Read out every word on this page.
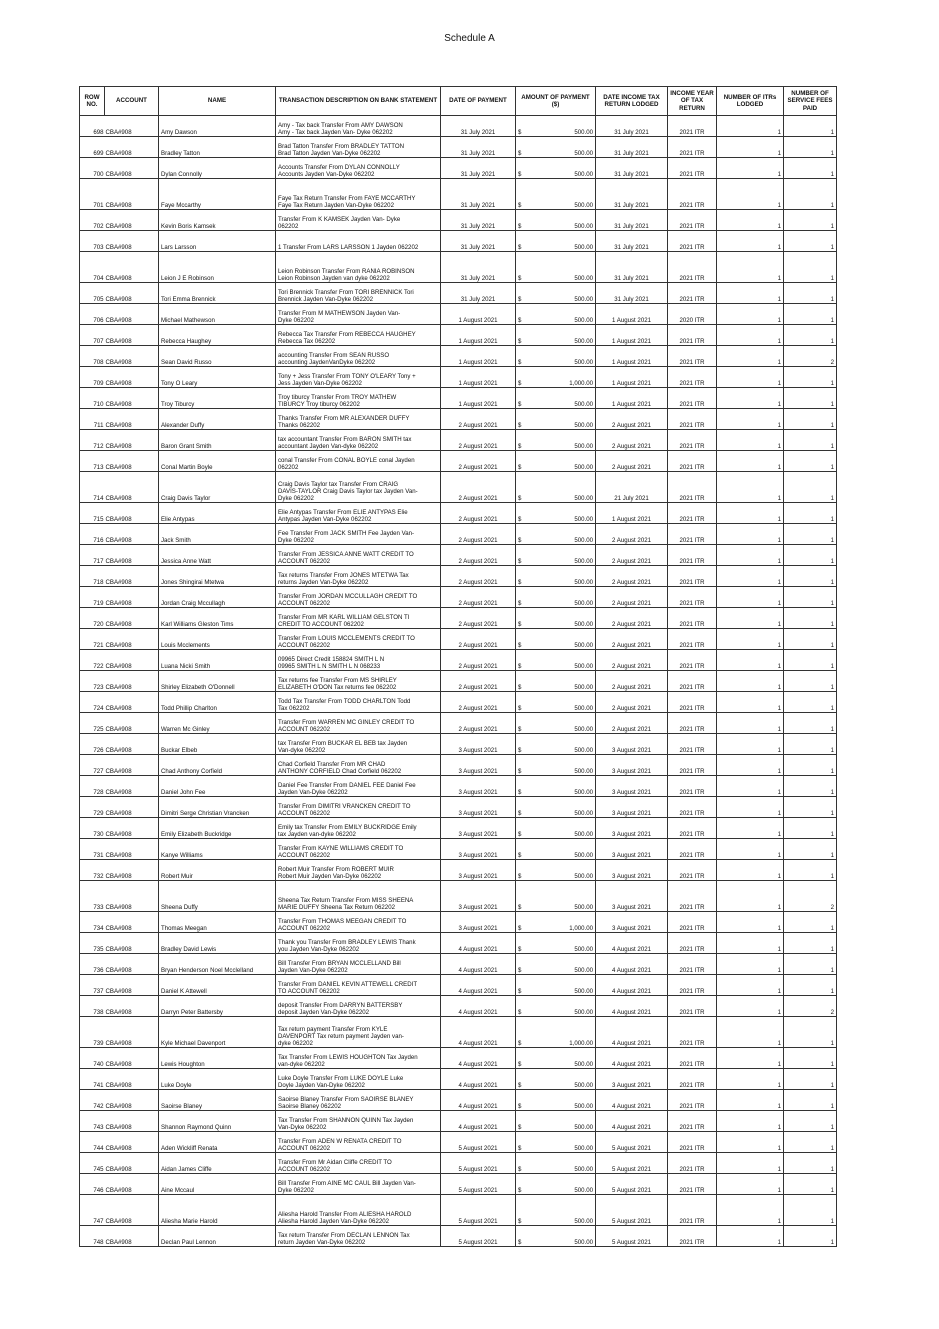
Schedule A
ROW NO.	ACCOUNT	NAME	TRANSACTION DESCRIPTION ON BANK STATEMENT	DATE OF PAYMENT	AMOUNT OF PAYMENT ($)		DATE INCOME TAX RETURN LODGED	INCOME YEAR OF TAX RETURN	NUMBER OF ITRs LODGED	NUMBER OF SERVICE FEES PAID
698	CBA#908	Amy Dawson	Amy - Tax back Transfer From AMY DAWSON
Amy - Tax back Jayden Van- Dyke 062202	31 July 2021	$	500.00	31 July 2021	2021 ITR	1	1
699	CBA#908	Bradley Tatton	Brad Tatton Transfer From BRADLEY TATTON
Brad Tatton Jayden Van-Dyke 062202	31 July 2021	$	500.00	31 July 2021	2021 ITR	1	1
700	CBA#908	Dylan Connolly	Accounts Transfer From DYLAN CONNOLLY
Accounts Jayden Van-Dyke 062202	31 July 2021	$	500.00	31 July 2021	2021 ITR	1	1
701	CBA#908	Faye Mccarthy	Faye Tax Return Transfer From FAYE MCCARTHY
Faye Tax Return Jayden Van-Dyke 062202	31 July 2021	$	500.00	31 July 2021	2021 ITR	1	1
702	CBA#908	Kevin Boris Kamsek	Transfer From K KAMSEK Jayden Van- Dyke
062202	31 July 2021	$	500.00	31 July 2021	2021 ITR	1	1
703	CBA#908	Lars Larsson	1 Transfer From LARS LARSSON 1 Jayden 062202	31 July 2021	$	500.00	31 July 2021	2021 ITR	1	1
704	CBA#908	Leion J E Robinson	Leion Robinson Transfer From RANIA ROBINSON
Leion Robinson Jayden van dyke 062202	31 July 2021	$	500.00	31 July 2021	2021 ITR	1	1
705	CBA#908	Tori Emma Brennick	Tori Brennick Transfer From TORI BRENNICK Tori
Brennick Jayden Van-Dyke 062202	31 July 2021	$	500.00	31 July 2021	2021 ITR	1	1
706	CBA#908	Michael Mathewson	Transfer From M MATHEWSON Jayden Van-
Dyke 062202	1 August 2021	$	500.00	1 August 2021	2020 ITR	1	1
707	CBA#908	Rebecca Haughey	Rebecca Tax Transfer From REBECCA HAUGHEY
Rebecca Tax 062202	1 August 2021	$	500.00	1 August 2021	2021 ITR	1	1
708	CBA#908	Sean David Russo	accounting Transfer From SEAN RUSSO
accounting JaydenVanDyke 062202	1 August 2021	$	500.00	1 August 2021	2021 ITR	1	2
709	CBA#908	Tony O Leary	Tony + Jess Transfer From TONY O'LEARY Tony +
Jess Jayden Van-Dyke 062202	1 August 2021	$	1,000.00	1 August 2021	2021 ITR	1	1
710	CBA#908	Troy Tiburcy	Troy tiburcy Transfer From TROY MATHEW
TIBURCY Troy tiburcy 062202	1 August 2021	$	500.00	1 August 2021	2021 ITR	1	1
711	CBA#908	Alexander Duffy	Thanks Transfer From MR ALEXANDER DUFFY
Thanks 062202	2 August 2021	$	500.00	2 August 2021	2021 ITR	1	1
712	CBA#908	Baron Grant Smith	tax accountant Transfer From BARON SMITH tax
accountant Jayden Van-dyke 062202	2 August 2021	$	500.00	2 August 2021	2021 ITR	1	1
713	CBA#908	Conal Martin Boyle	conal Transfer From CONAL BOYLE conal Jayden
062202	2 August 2021	$	500.00	2 August 2021	2021 ITR	1	1
714	CBA#908	Craig Davis Taylor	Craig Davis Taylor tax Transfer From CRAIG
DAVIS-TAYLOR Craig Davis Taylor tax Jayden Van-
Dyke 062202	2 August 2021	$	500.00	21 July 2021	2021 ITR	1	1
715	CBA#908	Elie Antypas	Elie Antypas Transfer From ELIE ANTYPAS Elie
Antypas Jayden Van-Dyke 062202	2 August 2021	$	500.00	1 August 2021	2021 ITR	1	1
716	CBA#908	Jack Smith	Fee Transfer From JACK SMITH Fee Jayden Van-
Dyke 062202	2 August 2021	$	500.00	2 August 2021	2021 ITR	1	1
717	CBA#908	Jessica Anne Watt	Transfer From JESSICA ANNE WATT CREDIT TO
ACCOUNT 062202	2 August 2021	$	500.00	2 August 2021	2021 ITR	1	1
718	CBA#908	Jones Shingirai Mtetwa	Tax returns Transfer From JONES MTETWA Tax
returns Jayden Van-Dyke 062202	2 August 2021	$	500.00	2 August 2021	2021 ITR	1	1
719	CBA#908	Jordan Craig Mccullagh	Transfer From JORDAN MCCULLAGH CREDIT TO
ACCOUNT 062202	2 August 2021	$	500.00	2 August 2021	2021 ITR	1	1
720	CBA#908	Karl Williams Gleston Tims	Transfer From MR KARL WILLIAM GELSTON TI
CREDIT TO ACCOUNT 062202	2 August 2021	$	500.00	2 August 2021	2021 ITR	1	1
721	CBA#908	Louis Mcclements	Transfer From LOUIS MCCLEMENTS CREDIT TO
ACCOUNT 062202	2 August 2021	$	500.00	2 August 2021	2021 ITR	1	1
722	CBA#908	Luana Nicki Smith	09965 Direct Credit 158824 SMITH L N
09965 SMITH L N SMITH L N 068233	2 August 2021	$	500.00	2 August 2021	2021 ITR	1	1
723	CBA#908	Shirley Elizabeth O'Donnell	Tax returns fee Transfer From MS SHIRLEY
ELIZABETH O'DON Tax returns fee 062202	2 August 2021	$	500.00	2 August 2021	2021 ITR	1	1
724	CBA#908	Todd Phillip Charlton	Todd Tax Transfer From TODD CHARLTON Todd
Tax 062202	2 August 2021	$	500.00	2 August 2021	2021 ITR	1	1
725	CBA#908	Warren Mc Ginley	Transfer From WARREN MC GINLEY CREDIT TO
ACCOUNT 062202	2 August 2021	$	500.00	2 August 2021	2021 ITR	1	1
726	CBA#908	Buckar Elbeb	tax Transfer From BUCKAR EL BEB tax Jayden
Van-dyke 062202	3 August 2021	$	500.00	3 August 2021	2021 ITR	1	1
727	CBA#908	Chad Anthony Corfield	Chad Corfield Transfer From MR CHAD
ANTHONY CORFIELD Chad Corfield 062202	3 August 2021	$	500.00	3 August 2021	2021 ITR	1	1
728	CBA#908	Daniel John Fee	Daniel Fee Transfer From DANIEL FEE Daniel Fee
Jayden Van-Dyke 062202	3 August 2021	$	500.00	3 August 2021	2021 ITR	1	1
729	CBA#908	Dimitri Serge Christian Vrancken	Transfer From DIMITRI VRANCKEN CREDIT TO
ACCOUNT 062202	3 August 2021	$	500.00	3 August 2021	2021 ITR	1	1
730	CBA#908	Emily Elizabeth Buckridge	Emily tax Transfer From EMILY BUCKRIDGE Emily
tax Jayden van-dyke 062202	3 August 2021	$	500.00	3 August 2021	2021 ITR	1	1
731	CBA#908	Kanye Williams	Transfer From KAYNE WILLIAMS CREDIT TO
ACCOUNT 062202	3 August 2021	$	500.00	3 August 2021	2021 ITR	1	1
732	CBA#908	Robert Muir	Robert Muir Transfer From ROBERT MUIR
Robert Muir Jayden Van-Dyke 062202	3 August 2021	$	500.00	3 August 2021	2021 ITR	1	1
733	CBA#908	Sheena Duffy	Sheena Tax Return Transfer From MISS SHEENA
MARIE DUFFY Sheena Tax Return 062202	3 August 2021	$	500.00	3 August 2021	2021 ITR	1	2
734	CBA#908	Thomas Meegan	Transfer From THOMAS MEEGAN CREDIT TO
ACCOUNT 062202	3 August 2021	$	1,000.00	3 August 2021	2021 ITR	1	1
735	CBA#908	Bradley David Lewis	Thank you Transfer From BRADLEY LEWIS Thank
you Jayden Van-Dyke 062202	4 August 2021	$	500.00	4 August 2021	2021 ITR	1	1
736	CBA#908	Bryan Henderson Noel Mcclelland	Bill Transfer From BRYAN MCCLELLAND Bill
Jayden Van-Dyke 062202	4 August 2021	$	500.00	4 August 2021	2021 ITR	1	1
737	CBA#908	Daniel K Attewell	Transfer From DANIEL KEVIN ATTEWELL CREDIT
TO ACCOUNT 062202	4 August 2021	$	500.00	4 August 2021	2021 ITR	1	1
738	CBA#908	Darryn Peter Battersby	deposit Transfer From DARRYN BATTERSBY
deposit Jayden Van-Dyke 062202	4 August 2021	$	500.00	4 August 2021	2021 ITR	1	2
739	CBA#908	Kyle Michael Davenport	Tax return payment Transfer From KYLE
DAVENPORT Tax return payment Jayden van-
dyke 062202	4 August 2021	$	1,000.00	4 August 2021	2021 ITR	1	1
740	CBA#908	Lewis Houghton	Tax Transfer From LEWIS HOUGHTON Tax Jayden
van-dyke 062202	4 August 2021	$	500.00	4 August 2021	2021 ITR	1	1
741	CBA#908	Luke Doyle	Luke Doyle Transfer From LUKE DOYLE Luke
Doyle Jayden Van-Dyke 062202	4 August 2021	$	500.00	3 August 2021	2021 ITR	1	1
742	CBA#908	Saoirse Blaney	Saoirse Blaney Transfer From SAOIRSE BLANEY
Saoirse Blaney 062202	4 August 2021	$	500.00	4 August 2021	2021 ITR	1	1
743	CBA#908	Shannon Raymond Quinn	Tax Transfer From SHANNON QUINN Tax Jayden
Van-Dyke 062202	4 August 2021	$	500.00	4 August 2021	2021 ITR	1	1
744	CBA#908	Aden Wickliff Renata	Transfer From ADEN W RENATA CREDIT TO
ACCOUNT 062202	5 August 2021	$	500.00	5 August 2021	2021 ITR	1	1
745	CBA#908	Aidan James Cliffe	Transfer From Mr Aidan Cliffe CREDIT TO
ACCOUNT 062202	5 August 2021	$	500.00	5 August 2021	2021 ITR	1	1
746	CBA#908	Aine Mccaul	Bill Transfer From AINE MC CAUL Bill Jayden Van-
Dyke 062202	5 August 2021	$	500.00	5 August 2021	2021 ITR	1	1
747	CBA#908	Aliesha Marie Harold	Aliesha Harold Transfer From ALIESHA HAROLD
Aliesha Harold Jayden Van-Dyke 062202	5 August 2021	$	500.00	5 August 2021	2021 ITR	1	1
748	CBA#908	Declan Paul Lennon	Tax return Transfer From DECLAN LENNON Tax
return Jayden Van-Dyke 062202	5 August 2021	$	500.00	5 August 2021	2021 ITR	1	1
